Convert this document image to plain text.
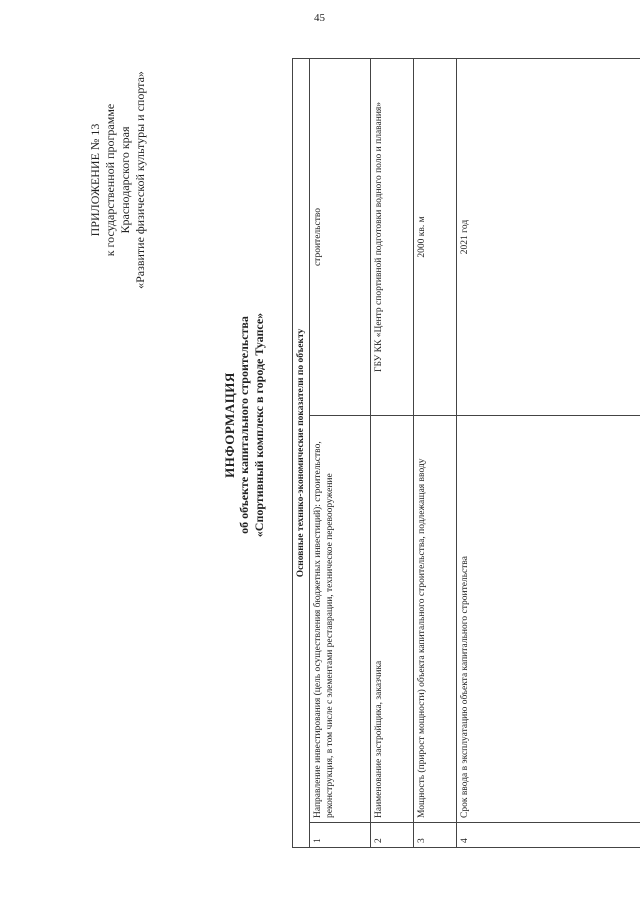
45
ПРИЛОЖЕНИЕ № 13 к государственной программе Краснодарского края «Развитие физической культуры и спорта»
ИНФОРМАЦИЯ об объекте капитального строительства «Спортивный комплекс в городе Туапсе»	Основные технико-экономические показатели по объекту		
1	Направление инвестирования (цель осуществления бюджетных инвестиций): строительство, реконструкция, в том числе с элементами реставрации, техническое перевооружение	строительство
2	Наименование застройщика, заказчика	ГБУ КК «Центр спортивной подготовки водного поло и плавания»
3	Мощность (прирост мощности) объекта капитального строительства, подлежащая вводу	2000 кв. м
4	Срок ввода в эксплуатацию объекта капитального строительства	2021 год
